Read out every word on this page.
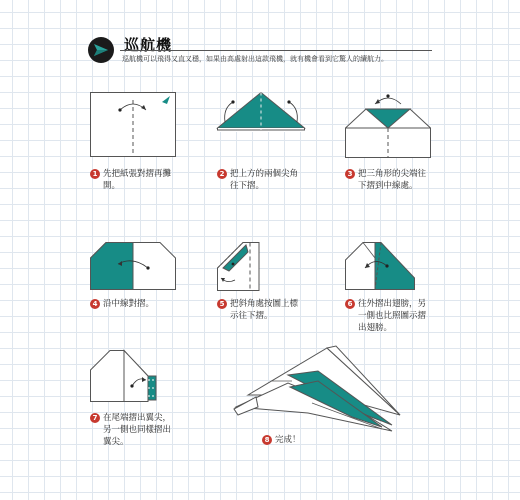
巡航機
巡航機可以飛得又直又穩，如果由高處射出這款飛機，就有機會看到它驚人的續航力。
1 先把紙張對摺再攤
開。
2 把上方的兩個尖角
往下摺。
3 把三角形的尖端往
下摺到中線處。
4 沿中線對摺。	5 把斜角處按圖上標
示往下摺。
6 往外摺出翅膀，另
一側也比照圖示摺
出翅膀。
7 在尾端摺出翼尖，
另一側也同樣摺出
翼尖。	8 完成！
